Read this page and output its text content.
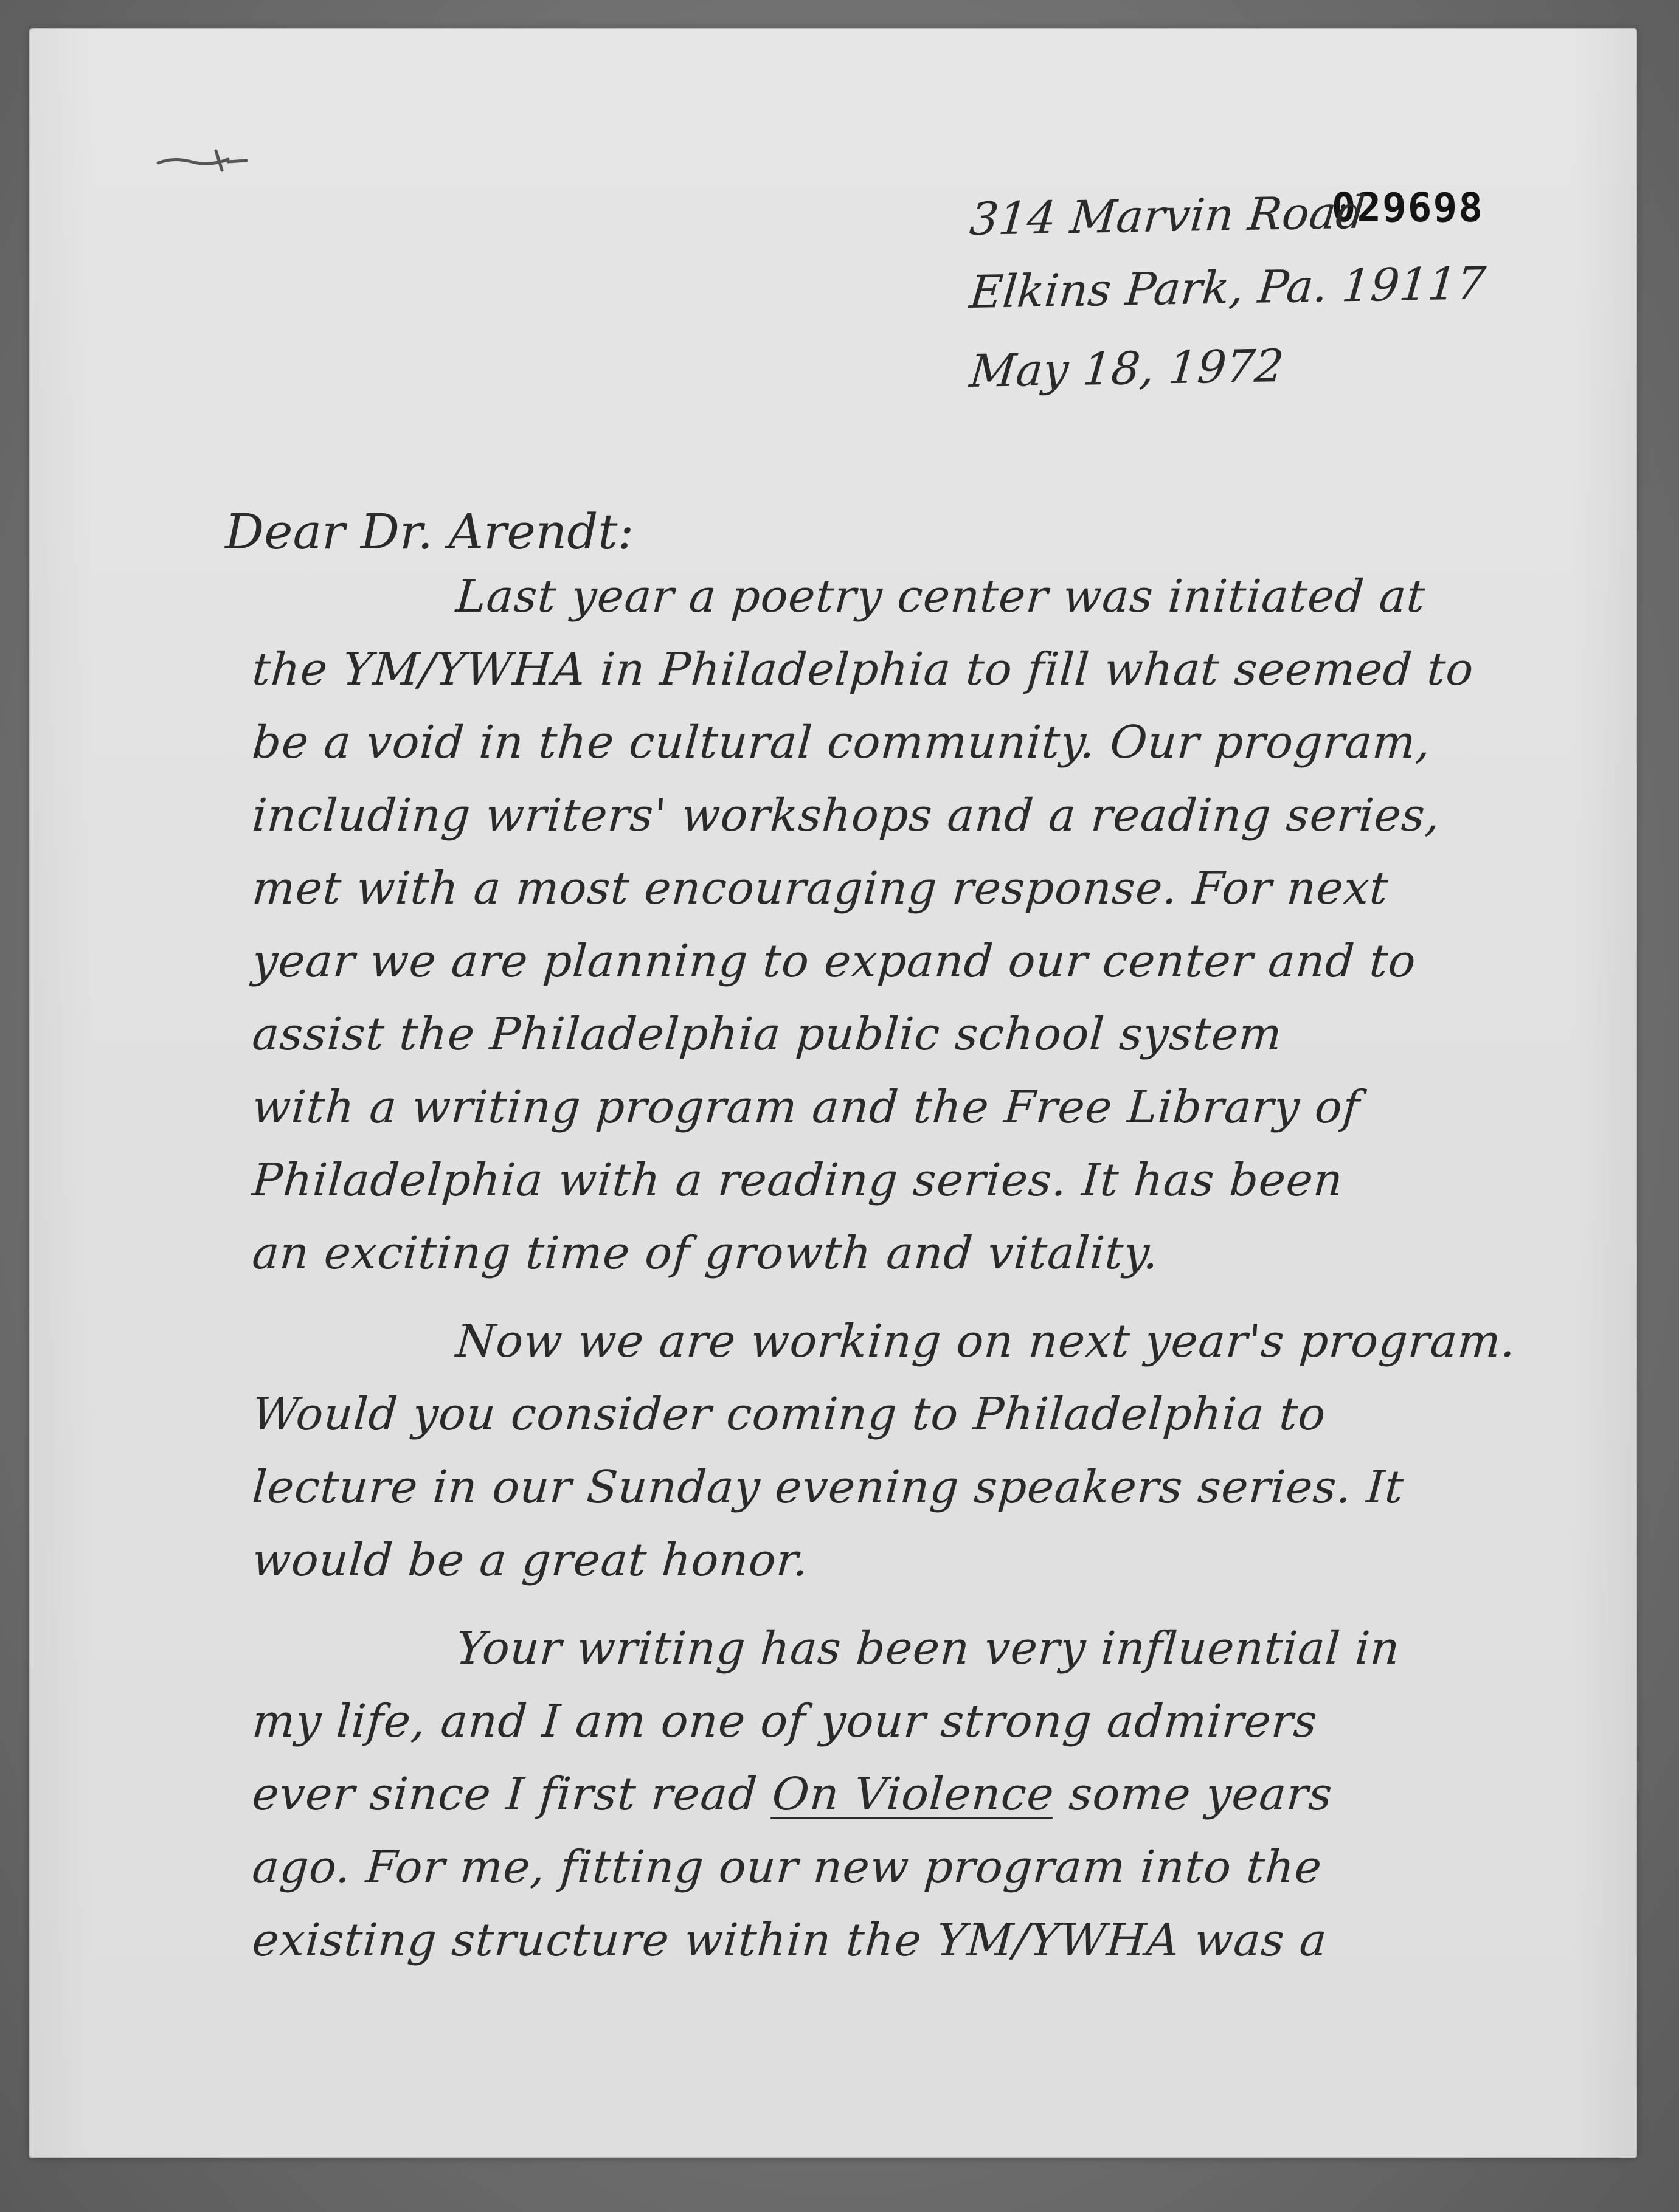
029698
314 Marvin Road
Elkins Park, Pa. 19117
May 18, 1972
Dear Dr. Arendt:
Last year a poetry center was initiated at
the YM/YWHA in Philadelphia to fill what seemed to
be a void in the cultural community. Our program,
including writers' workshops and a reading series,
met with a most encouraging response. For next
year we are planning to expand our center and to
assist the Philadelphia public school system
with a writing program and the Free Library of
Philadelphia with a reading series. It has been
an exciting time of growth and vitality.
Now we are working on next year's program.
Would you consider coming to Philadelphia to
lecture in our Sunday evening speakers series. It
would be a great honor.
Your writing has been very influential in
my life, and I am one of your strong admirers
ever since I first read On Violence some years
ago. For me, fitting our new program into the
existing structure within the YM/YWHA was a
